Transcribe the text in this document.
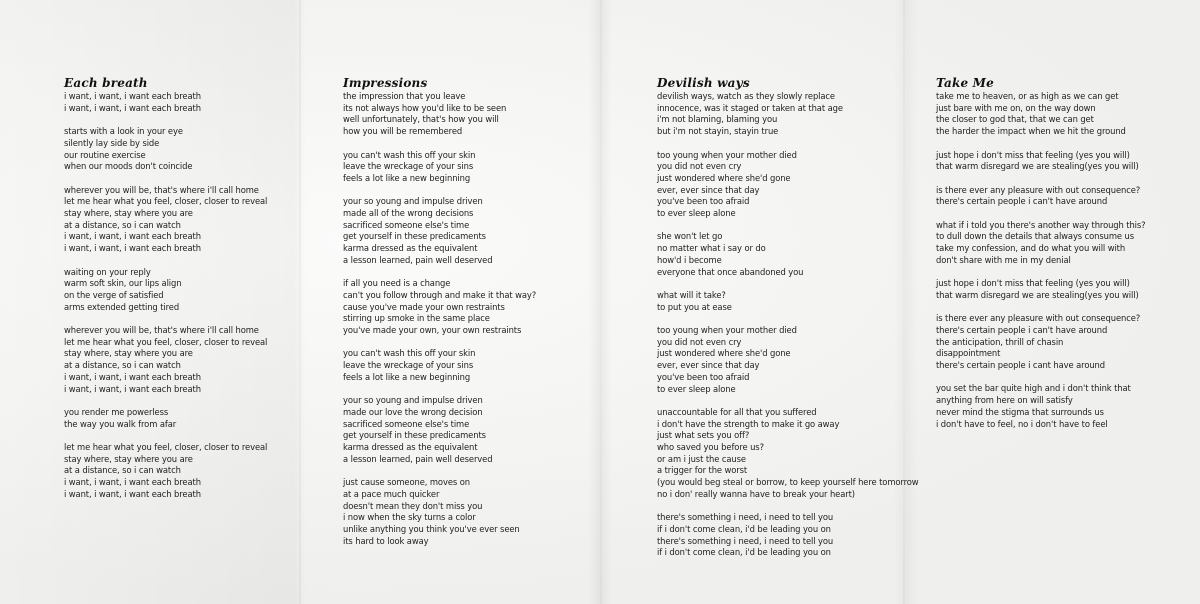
Each breath
i want, i want, i want each breath
i want, i want, i want each breath
starts with a look in your eye
silently lay side by side
our routine exercise
when our moods don't coincide
wherever you will be, that's where i'll call home
let me hear what you feel, closer, closer to reveal
stay where, stay where you are
at a distance, so i can watch
i want, i want, i want each breath
i want, i want, i want each breath
waiting on your reply
warm soft skin, our lips align
on the verge of satisfied
arms extended getting tired
wherever you will be, that's where i'll call home
let me hear what you feel, closer, closer to reveal
stay where, stay where you are
at a distance, so i can watch
i want, i want, i want each breath
i want, i want, i want each breath
you render me powerless
the way you walk from afar
let me hear what you feel, closer, closer to reveal
stay where, stay where you are
at a distance, so i can watch
i want, i want, i want each breath
i want, i want, i want each breath
Impressions
the impression that you leave
its not always how you'd like to be seen
well unfortunately, that's how you will
how you will be remembered
you can't wash this off your skin
leave the wreckage of your sins
feels a lot like a new beginning
your so young and impulse driven
made all of the wrong decisions
sacrificed someone else's time
get yourself in these predicaments
karma dressed as the equivalent
a lesson learned, pain well deserved
if all you need is a change
can't you follow through and make it that way?
cause you've made your own restraints
stirring up smoke in the same place
you've made your own, your own restraints
you can't wash this off your skin
leave the wreckage of your sins
feels a lot like a new beginning
your so young and impulse driven
made our love the wrong decision
sacrificed someone else's time
get yourself in these predicaments
karma dressed as the equivalent
a lesson learned, pain well deserved
just cause someone, moves on
at a pace much quicker
doesn't mean they don't miss you
i now when the sky turns a color
unlike anything you think you've ever seen
its hard to look away
Devilish ways
devilish ways, watch as they slowly replace
innocence, was it staged or taken at that age
i'm not blaming, blaming you
but i'm not stayin, stayin true
too young when your mother died
you did not even cry
just wondered where she'd gone
ever, ever since that day
you've been too afraid
to ever sleep alone
she won't let go
no matter what i say or do
how'd i become
everyone that once abandoned you
what will it take?
to put you at ease
too young when your mother died
you did not even cry
just wondered where she'd gone
ever, ever since that day
you've been too afraid
to ever sleep alone
unaccountable for all that you suffered
i don't have the strength to make it go away
just what sets you off?
who saved you before us?
or am i just the cause
a trigger for the worst
(you would beg steal or borrow, to keep yourself here tomorrow
no i don' really wanna have to break your heart)
there's something i need, i need to tell you
if i don't come clean, i'd be leading you on
there's something i need, i need to tell you
if i don't come clean, i'd be leading you on
Take Me
take me to heaven, or as high as we can get
just bare with me on, on the way down
the closer to god that, that we can get
the harder the impact when we hit the ground
just hope i don't miss that feeling (yes you will)
that warm disregard we are stealing(yes you will)
is there ever any pleasure with out consequence?
there's certain people i can't have around
what if i told you there's another way through this?
to dull down the details that always consume us
take my confession, and do what you will with
don't share with me in my denial
just hope i don't miss that feeling (yes you will)
that warm disregard we are stealing(yes you will)
is there ever any pleasure with out consequence?
there's certain people i can't have around
the anticipation, thrill of chasin
disappointment
there's certain people i cant have around
you set the bar quite high and i don't think that
anything from here on will satisfy
never mind the stigma that surrounds us
i don't have to feel, no i don't have to feel
